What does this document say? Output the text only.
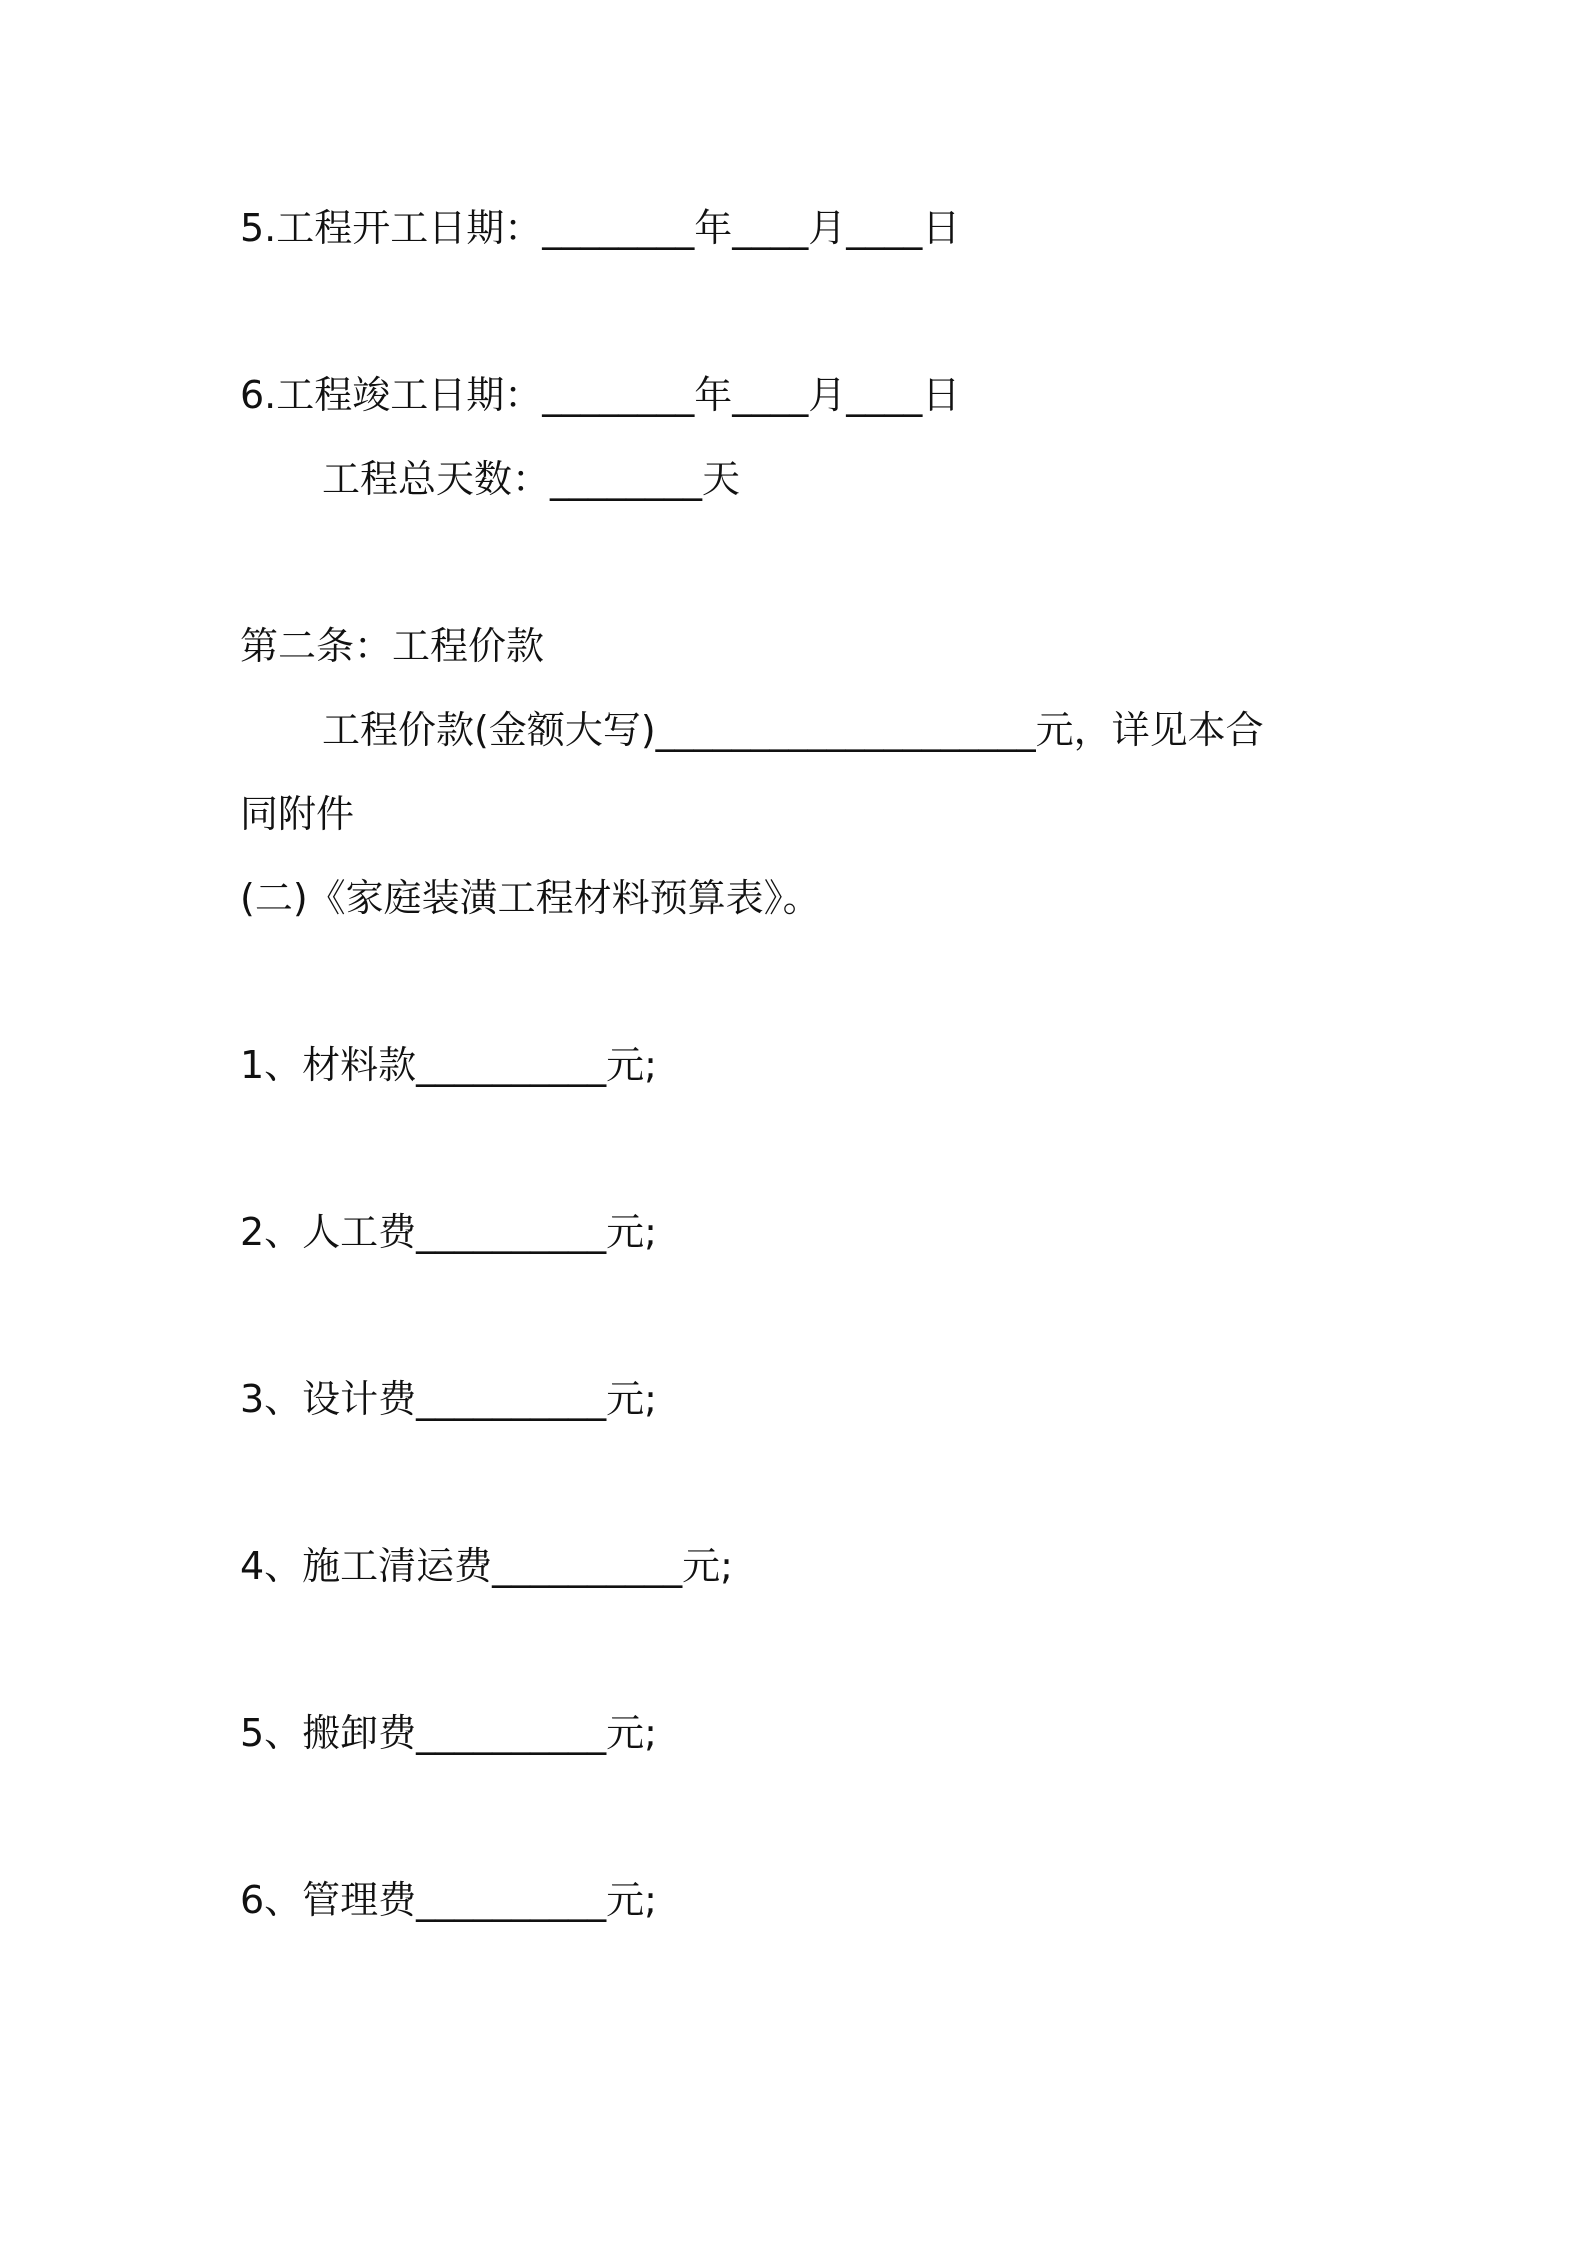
5.工程开工日期：________年____月____日
6.工程竣工日期：________年____月____日
工程总天数：________天
第二条：工程价款
工程价款(金额大写)____________________元，详见本合
同附件
(二)《家庭装潢工程材料预算表》。
1、材料款__________元;
2、人工费__________元;
3、设计费__________元;
4、施工清运费__________元;
5、搬卸费__________元;
6、管理费__________元;
